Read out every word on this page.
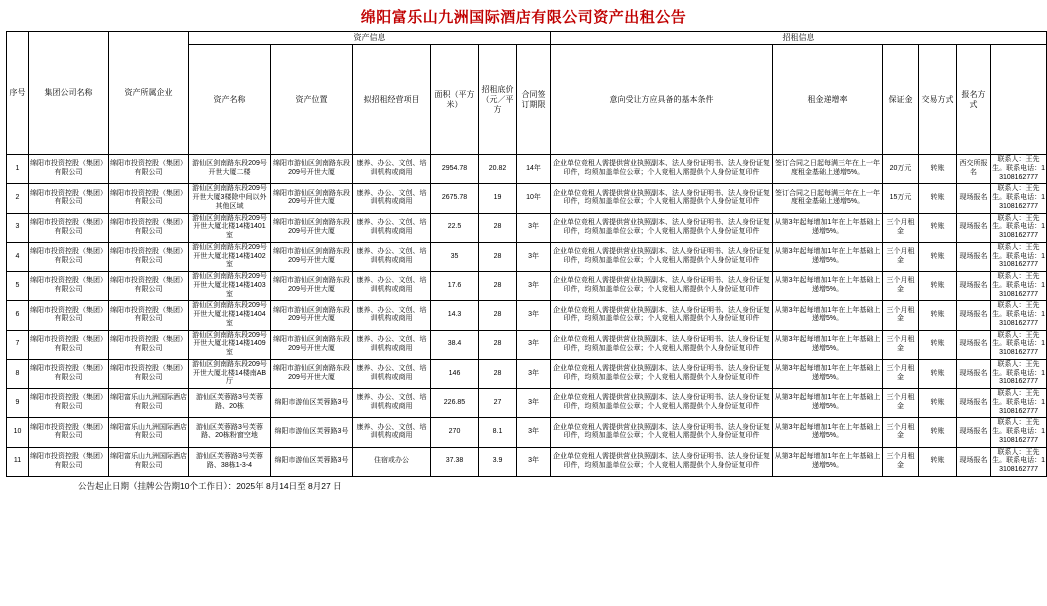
绵阳富乐山九洲国际酒店有限公司资产出租公告
序号	集团公司名称	资产所属企业	资产信息						招租信息	
			资产名称	资产位置	拟招租经营项目	面积（平方米）	招租底价（元／平方	合同签订期限	意向受让方应具备的基本条件	租金递增率	保证金	交易方式	报名方式		

1	绵阳市投资控股（集团）有限公司	绵阳市投资控股（集团）有限公司	游仙区剑南路东段209号开世大厦二楼	绵阳市游仙区剑南路东段209号开世大厦	康养、办公、文创、培训机构或商用	2954.78	20.82	14年	企业单位竞租人需提供营业执照副本、法人身份证明书、法人身份证复印件，均须加盖单位公章；个人竞租人需提供个人身份证复印件	签订合同之日起每满三年在上一年度租金基础上递增5%。	20万元	转账	西交所报名	联系人：王先生。联系电话：13108162777	
2	绵阳市投资控股（集团）有限公司	绵阳市投资控股（集团）有限公司	游仙区剑南路东段209号开世大厦3楼除中间以外其他区域	绵阳市游仙区剑南路东段209号开世大厦	康养、办公、文创、培训机构或商用	2675.78	19	10年	企业单位竞租人需提供营业执照副本、法人身份证明书、法人身份证复印件，均须加盖单位公章；个人竞租人需提供个人身份证复印件	签订合同之日起每满三年在上一年度租金基础上递增5%。	15万元	转账	现场报名	联系人：王先生。联系电话：13108162777	
3	绵阳市投资控股（集团）有限公司	绵阳市投资控股（集团）有限公司	游仙区剑南路东段209号开世大厦北楼14楼1401室	绵阳市游仙区剑南路东段209号开世大厦	康养、办公、文创、培训机构或商用	22.5	28	3年	企业单位竞租人需提供营业执照副本、法人身份证明书、法人身份证复印件，均须加盖单位公章；个人竞租人需提供个人身份证复印件	从第3年起每增加1年在上年基础上递增5%。	三个月租金	转账	现场报名	联系人：王先生。联系电话：13108162777	
4	绵阳市投资控股（集团）有限公司	绵阳市投资控股（集团）有限公司	游仙区剑南路东段209号开世大厦北楼14楼1402室	绵阳市游仙区剑南路东段209号开世大厦	康养、办公、文创、培训机构或商用	35	28	3年	企业单位竞租人需提供营业执照副本、法人身份证明书、法人身份证复印件，均须加盖单位公章；个人竞租人需提供个人身份证复印件	从第3年起每增加1年在上年基础上递增5%。	三个月租金	转账	现场报名	联系人：王先生。联系电话：13108162777	
5	绵阳市投资控股（集团）有限公司	绵阳市投资控股（集团）有限公司	游仙区剑南路东段209号开世大厦北楼14楼1403室	绵阳市游仙区剑南路东段209号开世大厦	康养、办公、文创、培训机构或商用	17.6	28	3年	企业单位竞租人需提供营业执照副本、法人身份证明书、法人身份证复印件，均须加盖单位公章；个人竞租人需提供个人身份证复印件	从第3年起每增加1年在上年基础上递增5%。	三个月租金	转账	现场报名	联系人：王先生。联系电话：13108162777	
6	绵阳市投资控股（集团）有限公司	绵阳市投资控股（集团）有限公司	游仙区剑南路东段209号开世大厦北楼14楼1404室	绵阳市游仙区剑南路东段209号开世大厦	康养、办公、文创、培训机构或商用	14.3	28	3年	企业单位竞租人需提供营业执照副本、法人身份证明书、法人身份证复印件，均须加盖单位公章；个人竞租人需提供个人身份证复印件	从第3年起每增加1年在上年基础上递增5%。	三个月租金	转账	现场报名	联系人：王先生。联系电话：13108162777	
7	绵阳市投资控股（集团）有限公司	绵阳市投资控股（集团）有限公司	游仙区剑南路东段209号开世大厦北楼14楼1409室	绵阳市游仙区剑南路东段209号开世大厦	康养、办公、文创、培训机构或商用	38.4	28	3年	企业单位竞租人需提供营业执照副本、法人身份证明书、法人身份证复印件，均须加盖单位公章；个人竞租人需提供个人身份证复印件	从第3年起每增加1年在上年基础上递增5%。	三个月租金	转账	现场报名	联系人：王先生。联系电话：13108162777	
8	绵阳市投资控股（集团）有限公司	绵阳市投资控股（集团）有限公司	游仙区剑南路东段209号开世大厦北楼14楼南AB厅	绵阳市游仙区剑南路东段209号开世大厦	康养、办公、文创、培训机构或商用	146	28	3年	企业单位竞租人需提供营业执照副本、法人身份证明书、法人身份证复印件，均须加盖单位公章；个人竞租人需提供个人身份证复印件	从第3年起每增加1年在上年基础上递增5%。	三个月租金	转账	现场报名	联系人：王先生。联系电话：13108162777	
9	绵阳市投资控股（集团）有限公司	绵阳富乐山九洲国际酒店有限公司	游仙区芙蓉路3号芙蓉路、20栋	绵阳市游仙区芙蓉路3号	康养、办公、文创、培训机构或商用	226.85	27	3年	企业单位竞租人需提供营业执照副本、法人身份证明书、法人身份证复印件，均须加盖单位公章；个人竞租人需提供个人身份证复印件	从第3年起每增加1年在上年基础上递增5%。	三个月租金	转账	现场报名	联系人：王先生。联系电话：13108162777	
10	绵阳市投资控股（集团）有限公司	绵阳富乐山九洲国际酒店有限公司	游仙区芙蓉路3号芙蓉路、20栋粉窗空地	绵阳市游仙区芙蓉路3号	康养、办公、文创、培训机构或商用	270	8.1	3年	企业单位竞租人需提供营业执照副本、法人身份证明书、法人身份证复印件，均须加盖单位公章；个人竞租人需提供个人身份证复印件	从第3年起每增加1年在上年基础上递增5%。	三个月租金	转账	现场报名	联系人：王先生。联系电话：13108162777	
11	绵阳市投资控股（集团）有限公司	绵阳富乐山九洲国际酒店有限公司	游仙区芙蓉路3号芙蓉路、38栋1-3-4	绵阳市游仙区芙蓉路3号	住宿或办公	37.38	3.9	3年	企业单位竞租人需提供营业执照副本、法人身份证明书、法人身份证复印件，均须加盖单位公章；个人竞租人需提供个人身份证复印件	从第3年起每增加1年在上年基础上递增5%。	三个月租金	转账	现场报名	联系人：王先生。联系电话：13108162777	
公告起止日期（挂牌公告期10个工作日）：2025年 8月14日至 8月27 日
